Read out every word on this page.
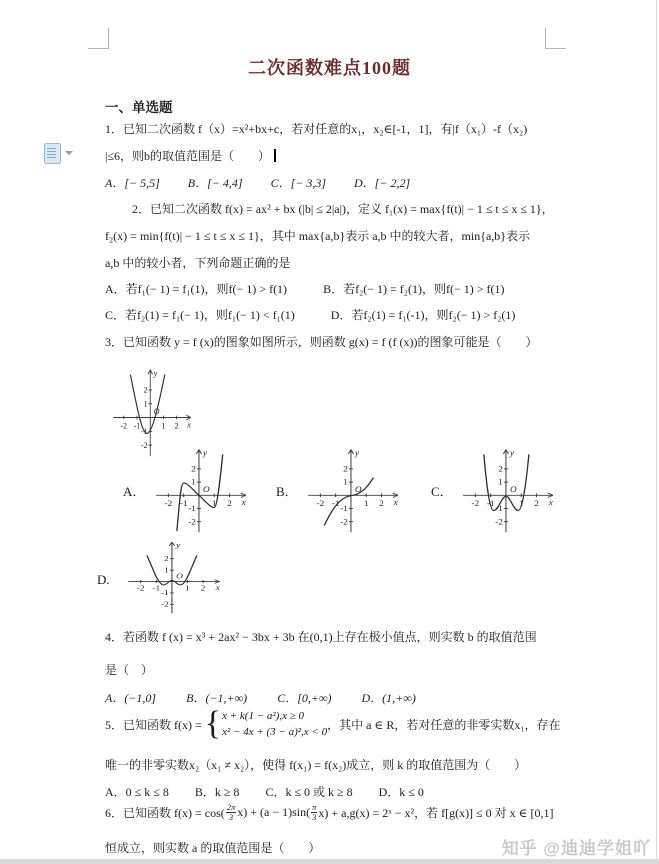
二次函数难点100题
一、单选题
1．已知二次函数 f（x）=x²+bx+c，若对任意的x₁，x₂∈[-1，1]，有|f（x₁）-f（x₂)
|≤6，则b的取值范围是（　　）
A．[− 5,5] B．[− 4,4] C．[− 3,3] D．[− 2,2]
2．已知二次函数 f(x) = ax² + bx (|b| ≤ 2|a|)，定义 f₁(x) = max{f(t)| − 1 ≤ t ≤ x ≤ 1}，
f₂(x) = min{f(t)| − 1 ≤ t ≤ x ≤ 1}，其中 max{a,b}表示 a,b 中的较大者，min{a,b}表示
a,b 中的较小者，下列命题正确的是
A．若f₁(− 1) = f₁(1)，则f(− 1) > f(1)	B．若f₂(− 1) = f₂(1)，则f(− 1) > f(1)
C．若f₂(1) = f₁(− 1)，则f₁(− 1) < f₁(1)	D．若f₂(1) = f₁(-1)，则f₂(− 1) > f₂(1)
3．已知函数 y = f (x)的图象如图所示，则函数 g(x) = f (f (x))的图象可能是（　　）
y
x
O
-2
-1
1
2
2
1
-1
-2
A．
y
x
O
-2
-1
1
2
2
1
-1
-2
B．
y
x
O
-2
-1
1
2
2
1
-1
-2
C．
y
x
O
-2
-1
1
2
2
1
-1
-2
D.
y
x
O
-2
-1
1
2
2
1
-1
-2
4．若函数 f (x) = x³ + 2ax² − 3bx + 3b 在(0,1)上存在极小值点，则实数 b 的取值范围
是（　）
A．(−1,0]	B．(−1,+∞)	C．[0,+∞)	D．(1,+∞)
5．已知函数 f(x) = { x + k(1 − a²),x ≥ 0
x² − 4x + (3 − a)²,x < 0
，其中 a ∈ R，若对任意的非零实数x₁，存在
唯一的非零实数x₂（x₁ ≠ x₂），使得 f(x₁) = f(x₂)成立，则 k 的取值范围为（　　）
A．0 ≤ k ≤ 8 B．k ≥ 8 C．k ≤ 0 或 k ≥ 8 D．k ≤ 0
6．已知函数 $f(x) = \cos( \frac{2\pi}{3} x) + (a - 1)\sin( \frac{\pi}{3} x) + a,g(x)$ = 2ˣ − x²，若 f[g(x)] ≤ 0 对 x ∈ [0,1]
恒成立，则实数 a 的取值范围是（　　）	知乎 @迪迪学姐吖
